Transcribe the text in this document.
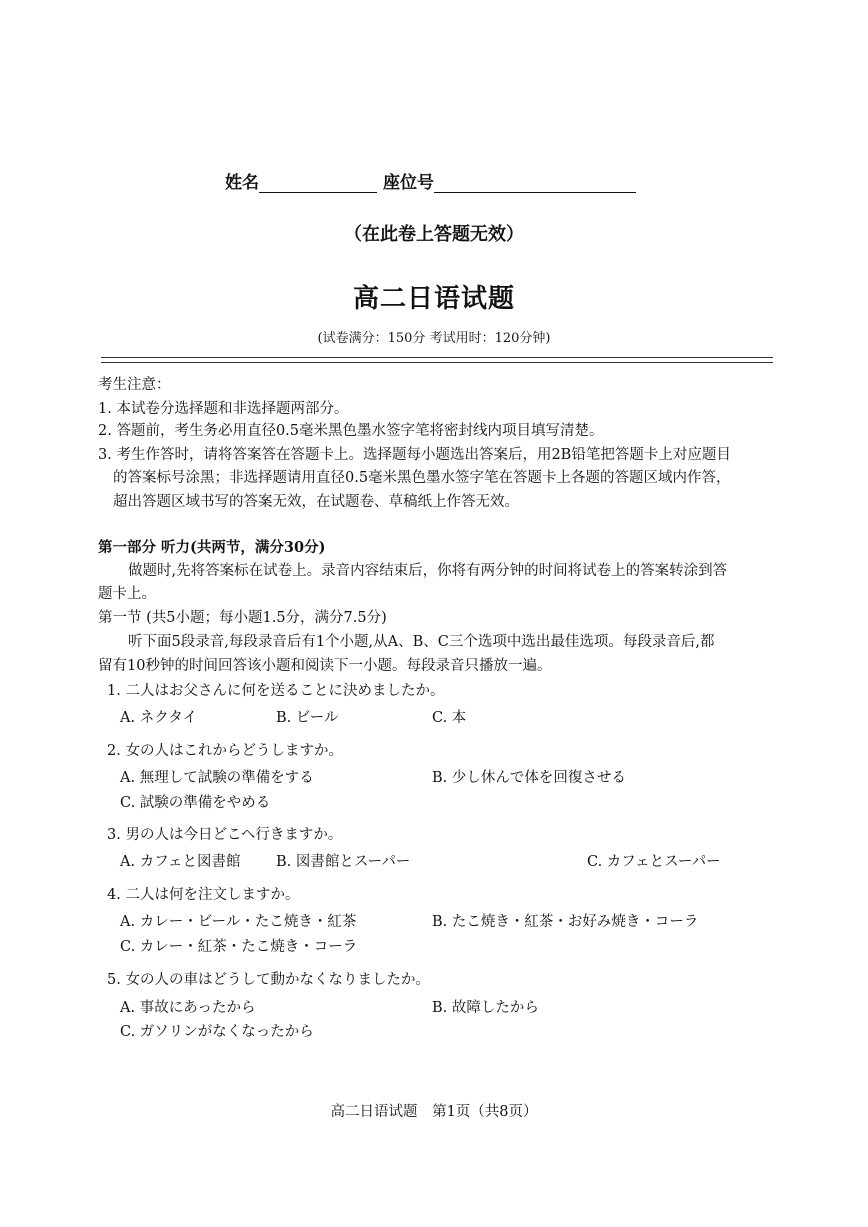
姓名	座位号
（在此卷上答题无效）
高二日语试题
(试卷满分：150分 考试用时：120分钟)
考生注意：
1. 本试卷分选择题和非选择题两部分。
2. 答题前，考生务必用直径0.5毫米黑色墨水签字笔将密封线内项目填写清楚。
3. 考生作答时，请将答案答在答题卡上。选择题每小题选出答案后，用2B铅笔把答题卡上对应题目
的答案标号涂黑；非选择题请用直径0.5毫米黑色墨水签字笔在答题卡上各题的答题区域内作答，
超出答题区域书写的答案无效，在试题卷、草稿纸上作答无效。
第一部分 听力(共两节，满分30分)
做题时,先将答案标在试卷上。录音内容结束后，你将有两分钟的时间将试卷上的答案转涂到答
题卡上。
第一节 (共5小题；每小题1.5分，满分7.5分)
听下面5段录音,每段录音后有1个小题,从A、B、C三个选项中选出最佳选项。每段录音后,都
留有10秒钟的时间回答该小题和阅读下一小题。每段录音只播放一遍。
1. 二人はお父さんに何を送ることに決めましたか。
A. ネクタイ	B. ビール	C. 本
2. 女の人はこれからどうしますか。
A. 無理して試験の準備をする	B. 少し休んで体を回復させる
C. 試験の準備をやめる
3. 男の人は今日どこへ行きますか。
A. カフェと図書館 B. 図書館とスーパー	C. カフェとスーパー
4. 二人は何を注文しますか。
A. カレー・ビール・たこ焼き・紅茶	B. たこ焼き・紅茶・お好み焼き・コーラ
C. カレー・紅茶・たこ焼き・コーラ
5. 女の人の車はどうして動かなくなりましたか。
A. 事故にあったから	B. 故障したから
C. ガソリンがなくなったから
高二日语试题 第1页（共8页）
